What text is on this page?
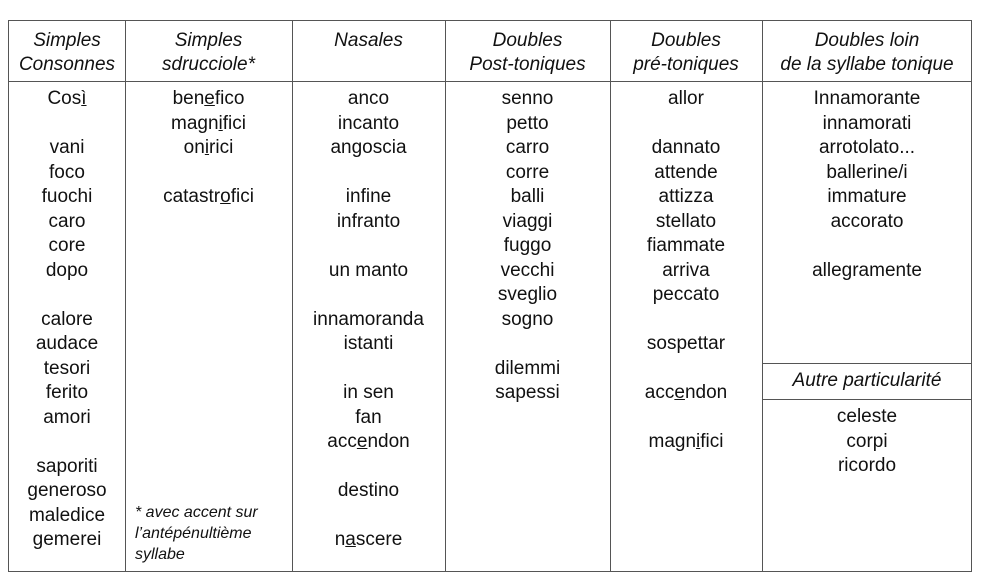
Simples
Consonnes
Simples
sdrucciole*
Nasales	Doubles
Post-toniques
Doubles
pré-toniques
Doubles loin
de la syllabe tonique
Così
vani
foco
fuochi
caro
core
dopo
calore
audace
tesori
ferito
amori
saporiti
generoso
maledice
gemerei
benefico
magnifici
onirici
catastrofici
anco
incanto
angoscia
infine
infranto
un manto
innamoranda
istanti
in sen
fan
accendon
destino
nascere
senno
petto
carro
corre
balli
viaggi
fuggo
vecchi
sveglio
sogno
dilemmi
sapessi
allor
dannato
attende
attizza
stellato
fiammate
arriva
peccato
sospettar
accendon
magnifici
Innamorante
innamorati
arrotolato...
ballerine/i
immature
accorato
allegramente
* avec accent sur
l’antépénultième
syllabe
Autre particularité
celeste
corpi
ricordo
